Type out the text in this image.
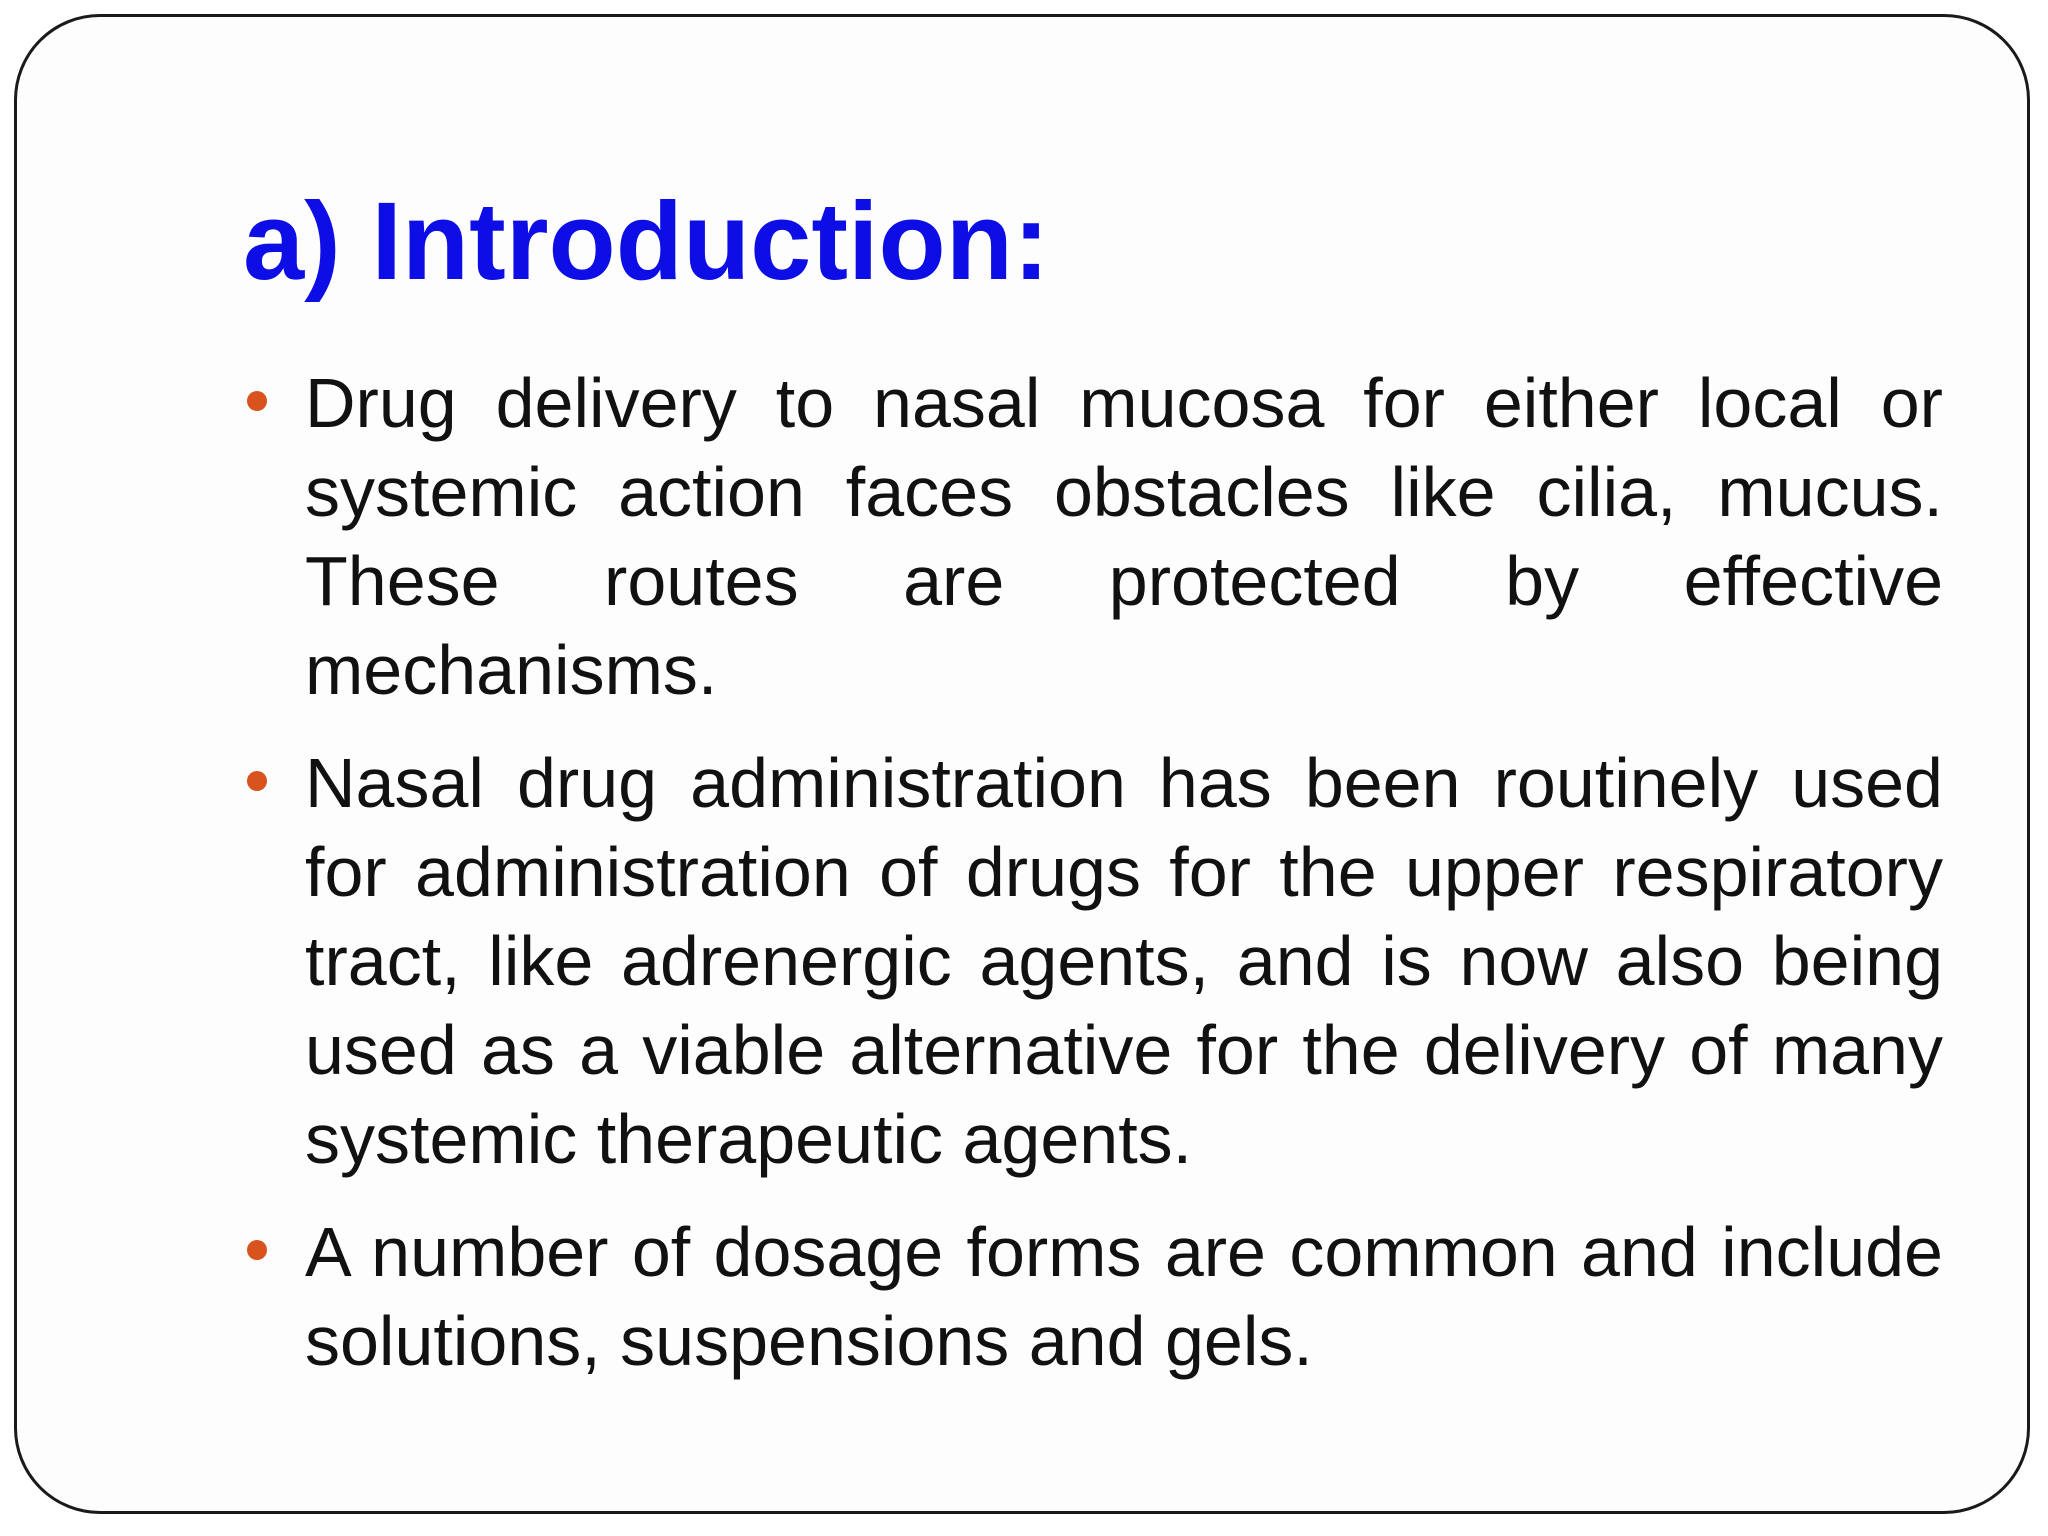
a) Introduction:
Drug delivery to nasal mucosa for either local or systemic action faces obstacles like cilia, mucus. These routes are protected by effective mechanisms.
Nasal drug administration has been routinely used for administration of drugs for the upper respiratory tract, like adrenergic agents, and is now also being used as a viable alternative for the delivery of many systemic therapeutic agents.
A number of dosage forms are common and include solutions, suspensions and gels.
